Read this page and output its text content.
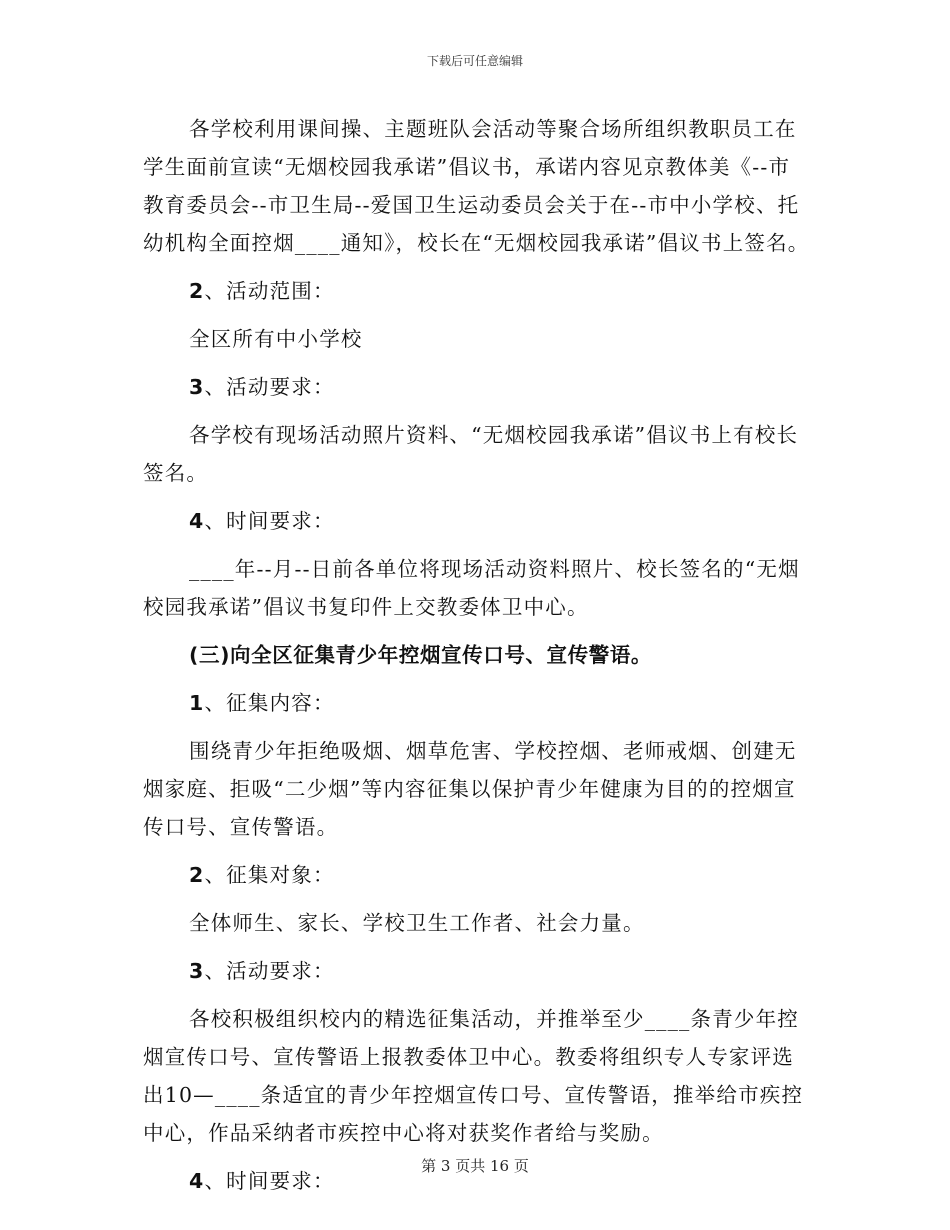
下载后可任意编辑

各学校利用课间操、主题班队会活动等聚合场所组织教职员工在学生面前宣读“无烟校园我承诺”倡议书，承诺内容见京教体美《--市教育委员会--市卫生局--爱国卫生运动委员会关于在--市中小学校、托幼机构全面控烟____通知》，校长在“无烟校园我承诺”倡议书上签名。

2、活动范围：

全区所有中小学校

3、活动要求：

各学校有现场活动照片资料、“无烟校园我承诺”倡议书上有校长签名。

4、时间要求：

____年--月--日前各单位将现场活动资料照片、校长签名的“无烟校园我承诺”倡议书复印件上交教委体卫中心。

(三)向全区征集青少年控烟宣传口号、宣传警语。
1、征集内容：

围绕青少年拒绝吸烟、烟草危害、学校控烟、老师戒烟、创建无烟家庭、拒吸“二少烟”等内容征集以保护青少年健康为目的的控烟宣传口号、宣传警语。

2、征集对象：

全体师生、家长、学校卫生工作者、社会力量。

3、活动要求：

各校积极组织校内的精选征集活动，并推举至少____条青少年控烟宣传口号、宣传警语上报教委体卫中心。教委将组织专人专家评选出10—____条适宜的青少年控烟宣传口号、宣传警语，推举给市疾控中心，作品采纳者市疾控中心将对获奖作者给与奖励。

4、时间要求：
第 3 页共 16 页
